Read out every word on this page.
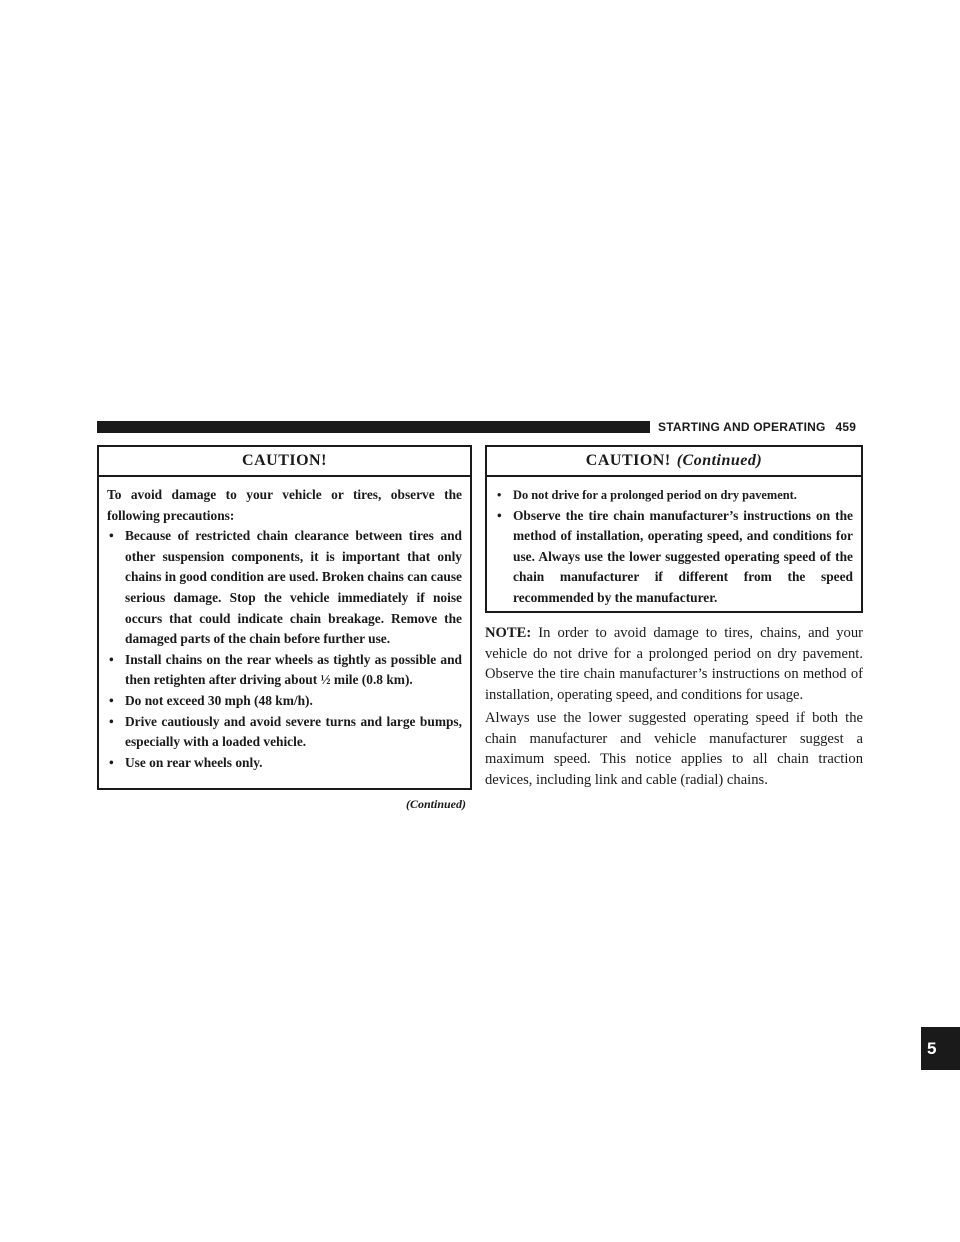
STARTING AND OPERATING 459
5
CAUTION!

To avoid damage to your vehicle or tires, observe the following precautions:

• Because of restricted chain clearance between tires and other suspension components, it is important that only chains in good condition are used. Broken chains can cause serious damage. Stop the vehicle immediately if noise occurs that could indicate chain breakage. Remove the damaged parts of the chain before further use.
• Install chains on the rear wheels as tightly as possible and then retighten after driving about ½ mile (0.8 km).
• Do not exceed 30 mph (48 km/h).
• Drive cautiously and avoid severe turns and large bumps, especially with a loaded vehicle.
• Use on rear wheels only.
(Continued)
CAUTION! (Continued)
• Do not drive for a prolonged period on dry pavement.
• Observe the tire chain manufacturer’s instructions on the method of installation, operating speed, and conditions for use. Always use the lower suggested operating speed of the chain manufacturer if different from the speed recommended by the manufacturer.

NOTE: In order to avoid damage to tires, chains, and your vehicle do not drive for a prolonged period on dry pavement. Observe the tire chain manufacturer’s instructions on method of installation, operating speed, and conditions for usage.

Always use the lower suggested operating speed if both the chain manufacturer and vehicle manufacturer suggest a maximum speed. This notice applies to all chain traction devices, including link and cable (radial) chains.
